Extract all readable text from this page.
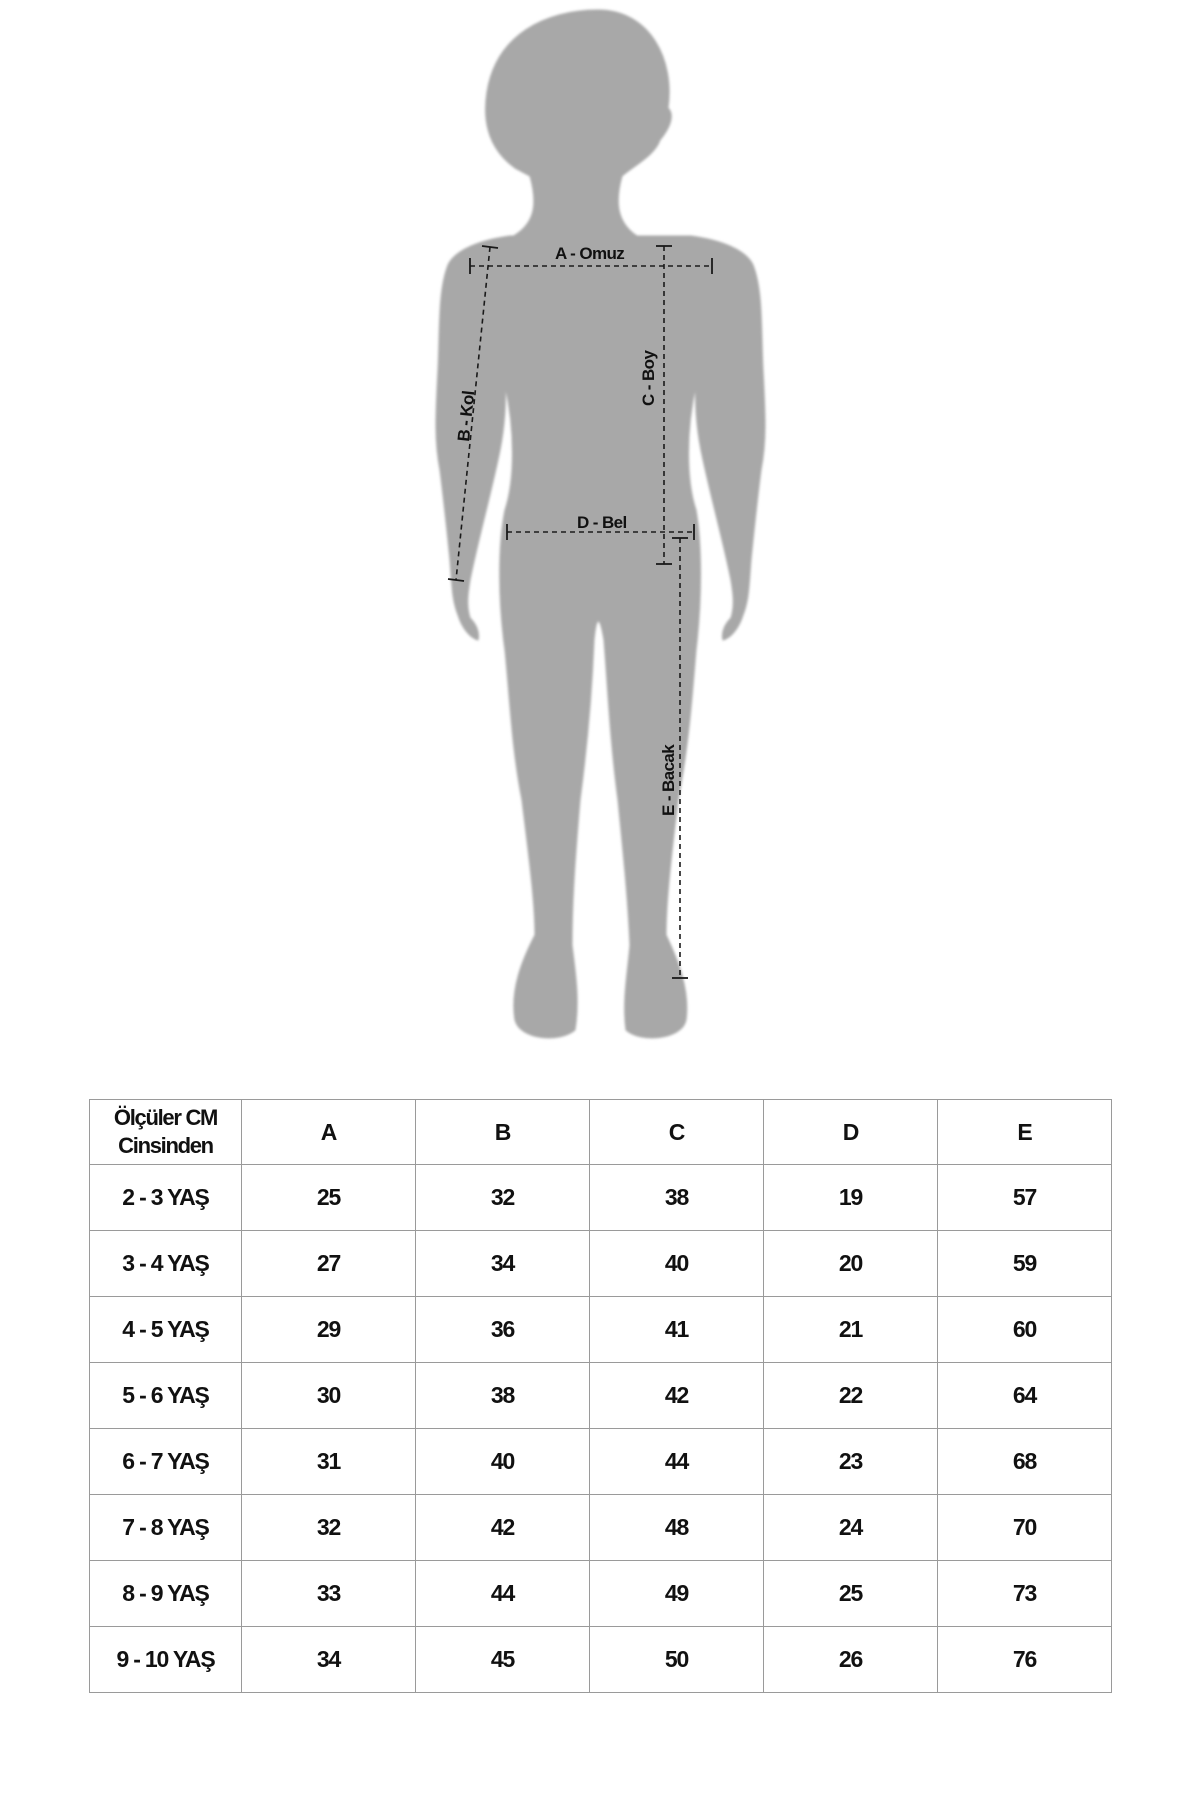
A - Omuz
B - Kol
C - Boy
D - Bel
E - Bacak
Ölçüler CM
Cinsinden	A	B	C	D	E
2 - 3 YAŞ	25	32	38	19	57
3 - 4 YAŞ	27	34	40	20	59
4 - 5 YAŞ	29	36	41	21	60
5 - 6 YAŞ	30	38	42	22	64
6 - 7 YAŞ	31	40	44	23	68
7 - 8 YAŞ	32	42	48	24	70
8 - 9 YAŞ	33	44	49	25	73
9 - 10 YAŞ	34	45	50	26	76
